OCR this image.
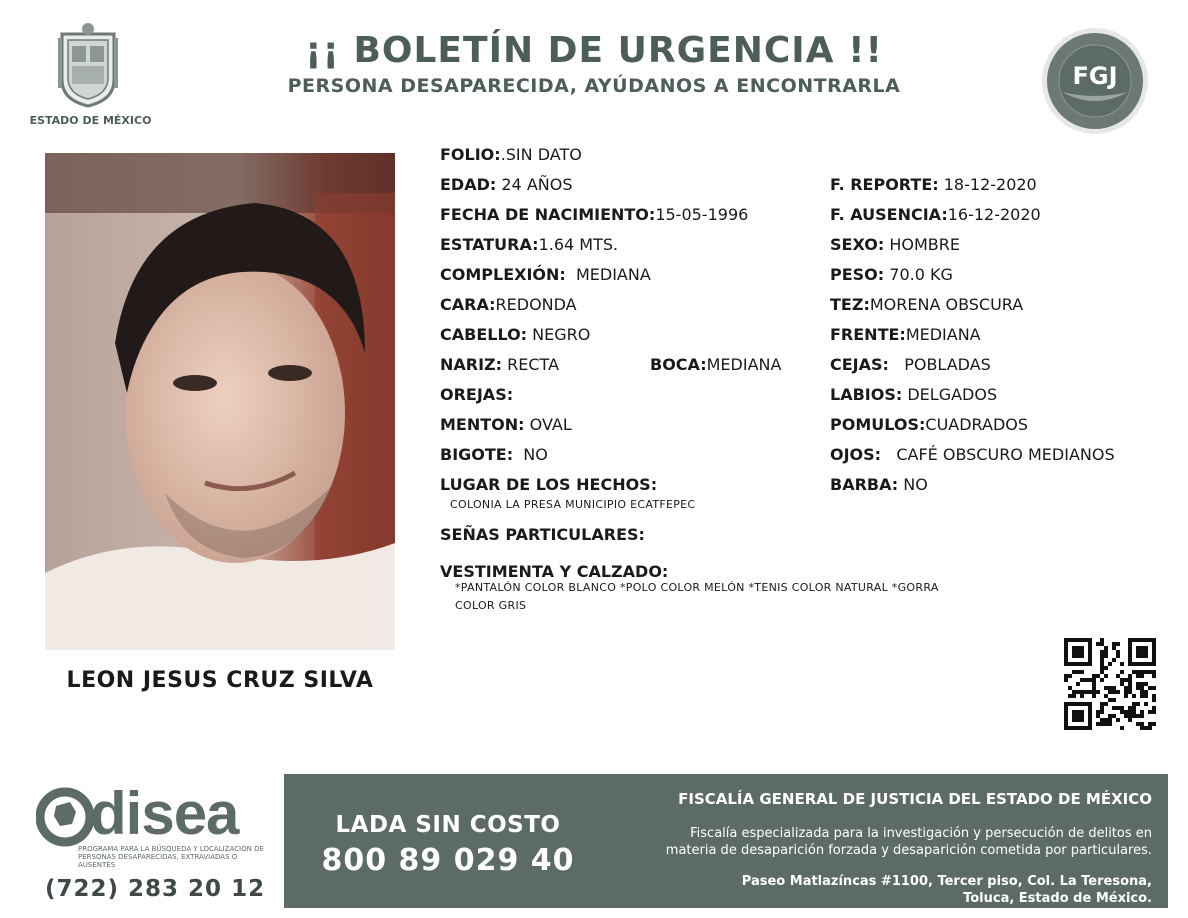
ESTADO DE MÉXICO
¡¡ BOLETÍN DE URGENCIA !!
PERSONA DESAPARECIDA, AYÚDANOS A ENCONTRARLA	FGJ
LEON JESUS CRUZ SILVA
FOLIO:.SIN DATO
EDAD: 24 AÑOS
FECHA DE NACIMIENTO:15-05-1996
ESTATURA:1.64 MTS.
COMPLEXIÓN: MEDIANA
CARA:REDONDA
CABELLO: NEGRO
NARIZ: RECTA	BOCA:MEDIANA
OREJAS:
MENTON: OVAL
BIGOTE: NO
LUGAR DE LOS HECHOS:
COLONIA LA PRESA MUNICIPIO ECATFEPEC
SEÑAS PARTICULARES:
VESTIMENTA Y CALZADO:
*PANTALÓN COLOR BLANCO *POLO COLOR MELÓN *TENIS COLOR NATURAL *GORRA
COLOR GRIS
F. REPORTE: 18-12-2020
F. AUSENCIA:16-12-2020
SEXO: HOMBRE
PESO: 70.0 KG
TEZ:MORENA OBSCURA
FRENTE:MEDIANA
CEJAS: POBLADAS
LABIOS: DELGADOS
POMULOS:CUADRADOS
OJOS: CAFÉ OBSCURO MEDIANOS
BARBA: NO
disea
PROGRAMA PARA LA BÚSQUEDA Y LOCALIZACIÓN DE PERSONAS DESAPARECIDAS, EXTRAVIADAS O AUSENTES
(722) 283 20 12
LADA SIN COSTO
800 89 029 40
FISCALÍA GENERAL DE JUSTICIA DEL ESTADO DE MÉXICO
Fiscalía especializada para la investigación y persecución de delitos en
materia de desaparición forzada y desaparición cometida por particulares.
Paseo Matlazíncas #1100, Tercer piso, Col. La Teresona,
Toluca, Estado de México.
